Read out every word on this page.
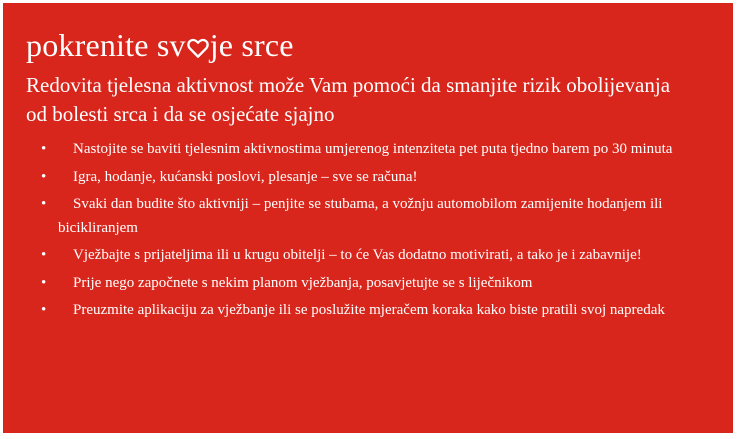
pokrenite sv je srce

Redovita tjelesna aktivnost može Vam pomoći da smanjite rizik obolijevanja od bolesti srca i da se osjećate sjajno

•	Nastojite se baviti tjelesnim aktivnostima umjerenog intenziteta pet puta tjedno barem po 30 minuta
•	Igra, hodanje, kućanski poslovi, plesanje – sve se računa!
•	Svaki dan budite što aktivniji – penjite se stubama, a vožnju automobilom zamijenite hodanjem ili bicikliranjem
•	Vježbajte s prijateljima ili u krugu obitelji – to će Vas dodatno motivirati, a tako je i zabavnije!
•	Prije nego započnete s nekim planom vježbanja, posavjetujte se s liječnikom
•	Preuzmite aplikaciju za vježbanje ili se poslužite mjeračem koraka kako biste pratili svoj napredak
